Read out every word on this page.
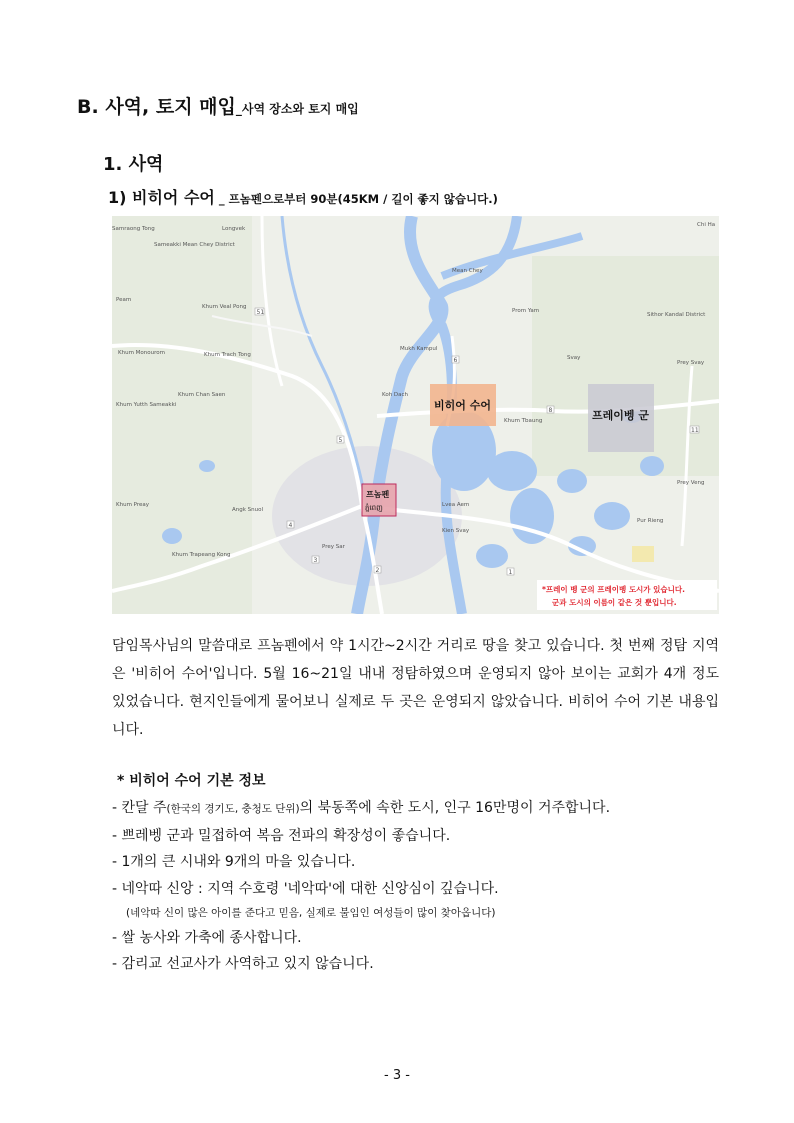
B. 사역, 토지 매입_사역 장소와 토지 매입
1. 사역
1) 비히어 수어 _ 프놈펜으로부터 90분(45KM / 길이 좋지 않습니다.)
51
6
5
8
11
1
3
2
4
Samraong Tong	Longvek
Sameakki Mean Chey District
Peam
Khum Veal Pong
Khum Monourom	Khum Trach Tong
Mean Chey
Prom Yam
Sithor Kandal District
Mukh Kampul
Svay
Prey Svay
Khum Yutth Sameakki
Khum Chan Saen	Koh Dach
Khum Tbaung
Prey Veng
Lvea Aem
Khum Preay
Angk Snuol
Prey Sar
Kien Svay
Pur Rieng
Khum Trapeang Kong
Chi Ha
비히어 수어
프레이벵 군
프놈펜
ភ្នំពេញ
*프레이 벵 군의 프레이벵 도시가 있습니다.
군과 도시의 이름이 같은 것 뿐입니다.
담임목사님의 말씀대로 프놈펜에서 약 1시간~2시간 거리로 땅을 찾고 있습니다. 첫 번째 정탐 지역은 '비히어 수어'입니다. 5월 16~21일 내내 정탐하였으며 운영되지 않아 보이는 교회가 4개 정도 있었습니다. 현지인들에게 물어보니 실제로 두 곳은 운영되지 않았습니다. 비히어 수어 기본 내용입니다.
* 비히어 수어 기본 정보
- 칸달 주(한국의 경기도, 충청도 단위)의 북동쪽에 속한 도시, 인구 16만명이 거주합니다.
- 쁘레벵 군과 밀접하여 복음 전파의 확장성이 좋습니다.
- 1개의 큰 시내와 9개의 마을 있습니다.
- 네악따 신앙 : 지역 수호령 '네악따'에 대한 신앙심이 깊습니다.
(네악따 신이 많은 아이를 준다고 믿음, 실제로 불임인 여성들이 많이 찾아옵니다)
- 쌀 농사와 가축에 종사합니다.
- 감리교 선교사가 사역하고 있지 않습니다.
- 3 -
